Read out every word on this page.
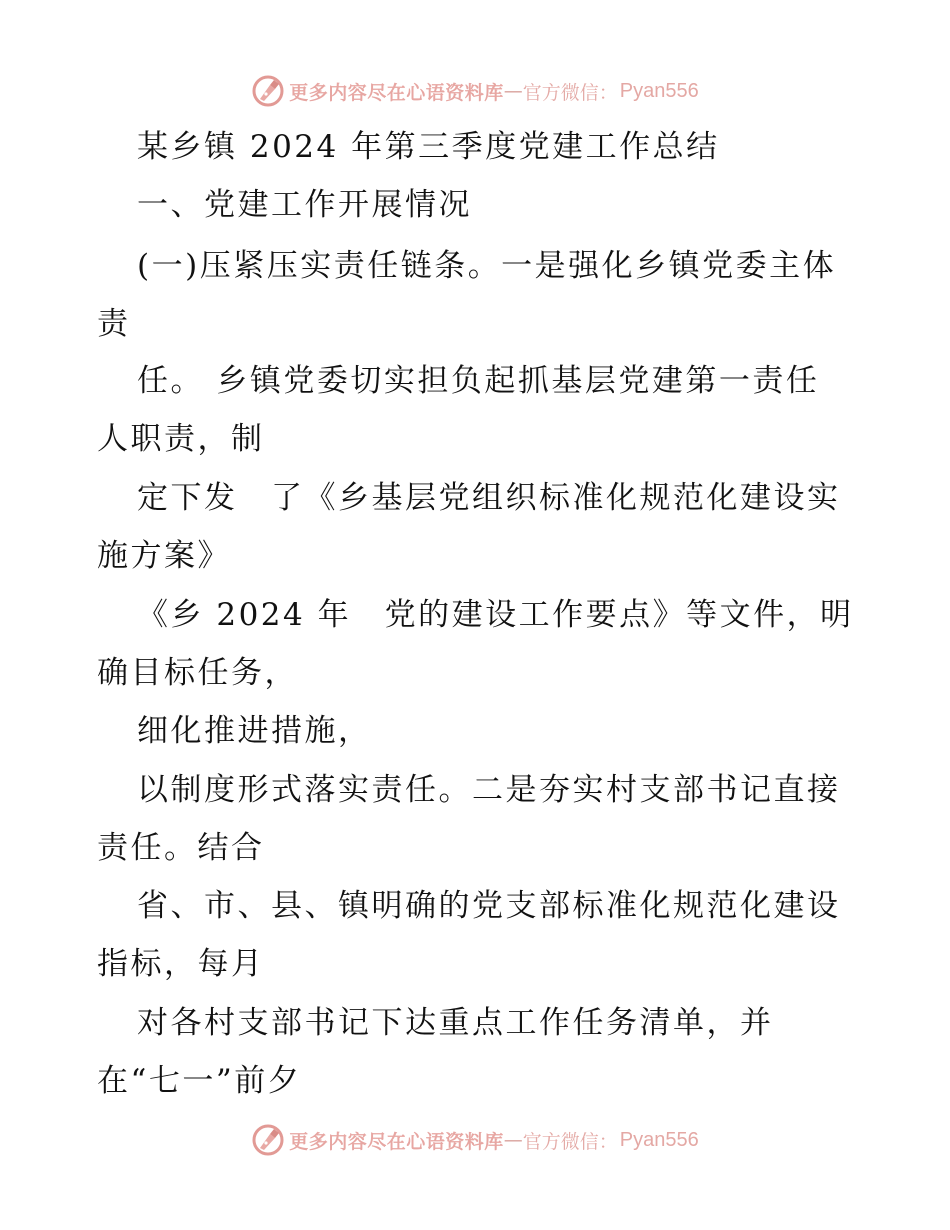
更多内容尽在心语资料库 — 官方微信： Pyan556
某乡镇 2024 年第三季度党建工作总结
一、党建工作开展情况
(一)压紧压实责任链条。一是强化乡镇党委主体
责
任。 乡镇党委切实担负起抓基层党建第一责任
人职责，制
定下发　了《乡基层党组织标准化规范化建设实
施方案》
《乡 2024 年　党的建设工作要点》等文件，明
确目标任务，
细化推进措施，
以制度形式落实责任。二是夯实村支部书记直接
责任。结合
省、市、县、镇明确的党支部标准化规范化建设
指标，每月
对各村支部书记下达重点工作任务清单，并
在“七一”前夕
更多内容尽在心语资料库 — 官方微信： Pyan556
